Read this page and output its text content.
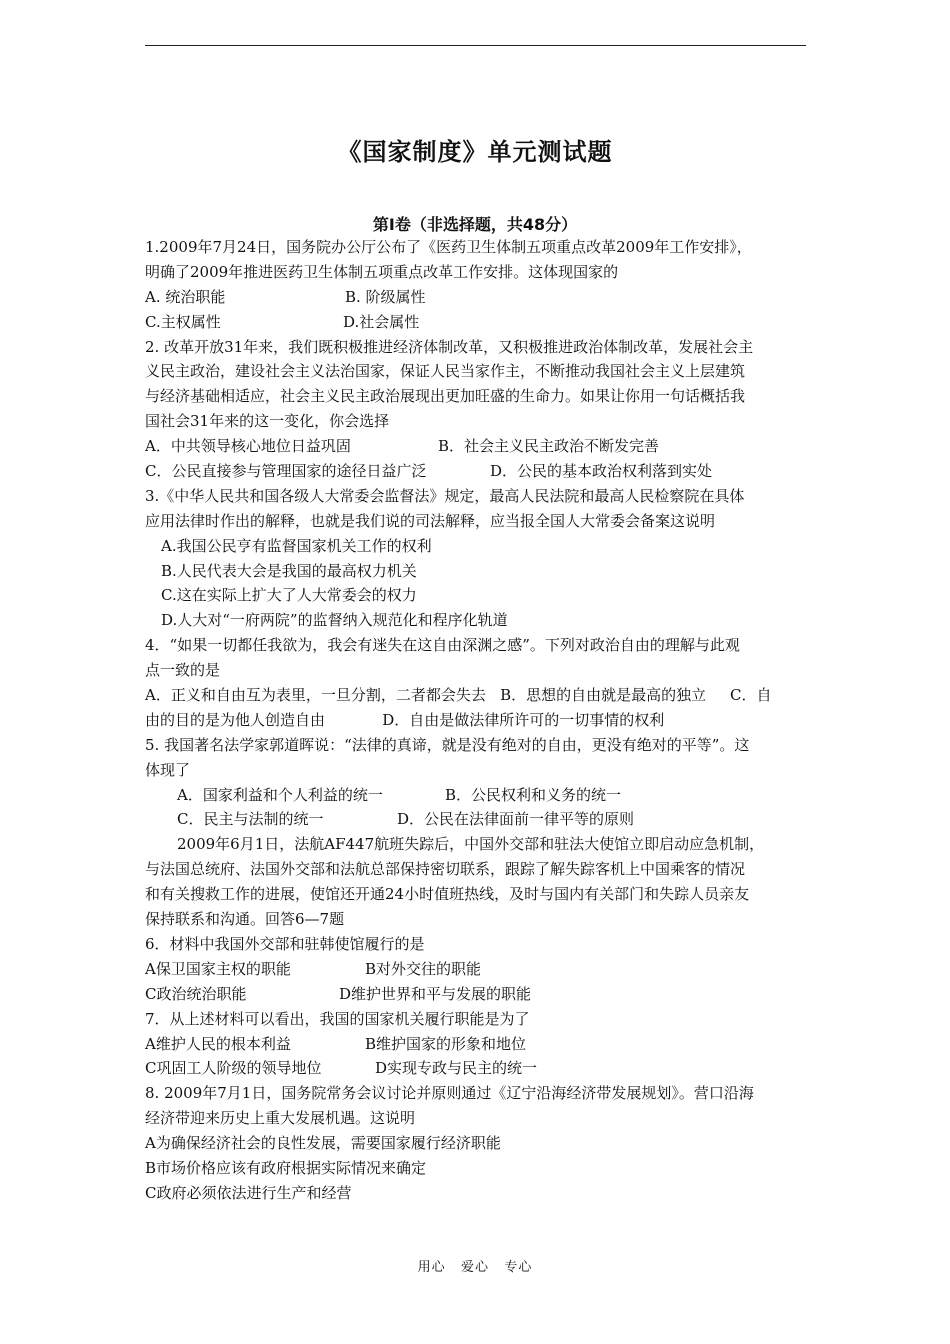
《国家制度》单元测试题
第Ⅰ卷（非选择题，共48分）
1.2009年7月24日，国务院办公厅公布了《医药卫生体制五项重点改革2009年工作安排》，
明确了2009年推进医药卫生体制五项重点改革工作安排。这体现国家的
A. 统治职能	B. 阶级属性
C.主权属性	D.社会属性
2. 改革开放31年来，我们既积极推进经济体制改革，又积极推进政治体制改革，发展社会主
义民主政治，建设社会主义法治国家，保证人民当家作主，不断推动我国社会主义上层建筑
与经济基础相适应，社会主义民主政治展现出更加旺盛的生命力。如果让你用一句话概括我
国社会31年来的这一变化，你会选择
A．中共领导核心地位日益巩固	B．社会主义民主政治不断发完善
C．公民直接参与管理国家的途径日益广泛	D．公民的基本政治权利落到实处
3.《中华人民共和国各级人大常委会监督法》规定，最高人民法院和最高人民检察院在具体
应用法律时作出的解释，也就是我们说的司法解释，应当报全国人大常委会备案这说明
A.我国公民亨有监督国家机关工作的权利
B.人民代表大会是我国的最高权力机关
C.这在实际上扩大了人大常委会的权力
D.人大对“一府两院”的监督纳入规范化和程序化轨道
4．“如果一切都任我欲为，我会有迷失在这自由深渊之感”。下列对政治自由的理解与此观
点一致的是
A．正义和自由互为表里，一旦分割，二者都会失去   B．思想的自由就是最高的独立     C．自
由的目的是为他人创造自由            D．自由是做法律所许可的一切事情的权利
5. 我国著名法学家郭道晖说：“法律的真谛，就是没有绝对的自由，更没有绝对的平等”。这
体现了
A．国家利益和个人利益的统一	B．公民权利和义务的统一
C．民主与法制的统一	D．公民在法律面前一律平等的原则
2009年6月1日，法航AF447航班失踪后，中国外交部和驻法大使馆立即启动应急机制，
与法国总统府、法国外交部和法航总部保持密切联系，跟踪了解失踪客机上中国乘客的情况
和有关搜救工作的进展，使馆还开通24小时值班热线，及时与国内有关部门和失踪人员亲友
保持联系和沟通。回答6—7题
6．材料中我国外交部和驻韩使馆履行的是
A保卫国家主权的职能	B对外交往的职能
C政治统治职能	D维护世界和平与发展的职能
7．从上述材料可以看出，我国的国家机关履行职能是为了
A维护人民的根本利益	B维护国家的形象和地位
C巩固工人阶级的领导地位	D实现专政与民主的统一
8. 2009年7月1日，国务院常务会议讨论并原则通过《辽宁沿海经济带发展规划》。营口沿海
经济带迎来历史上重大发展机遇。这说明
A为确保经济社会的良性发展，需要国家履行经济职能
B市场价格应该有政府根据实际情况来确定
C政府必须依法进行生产和经营
用心   爱心   专心
